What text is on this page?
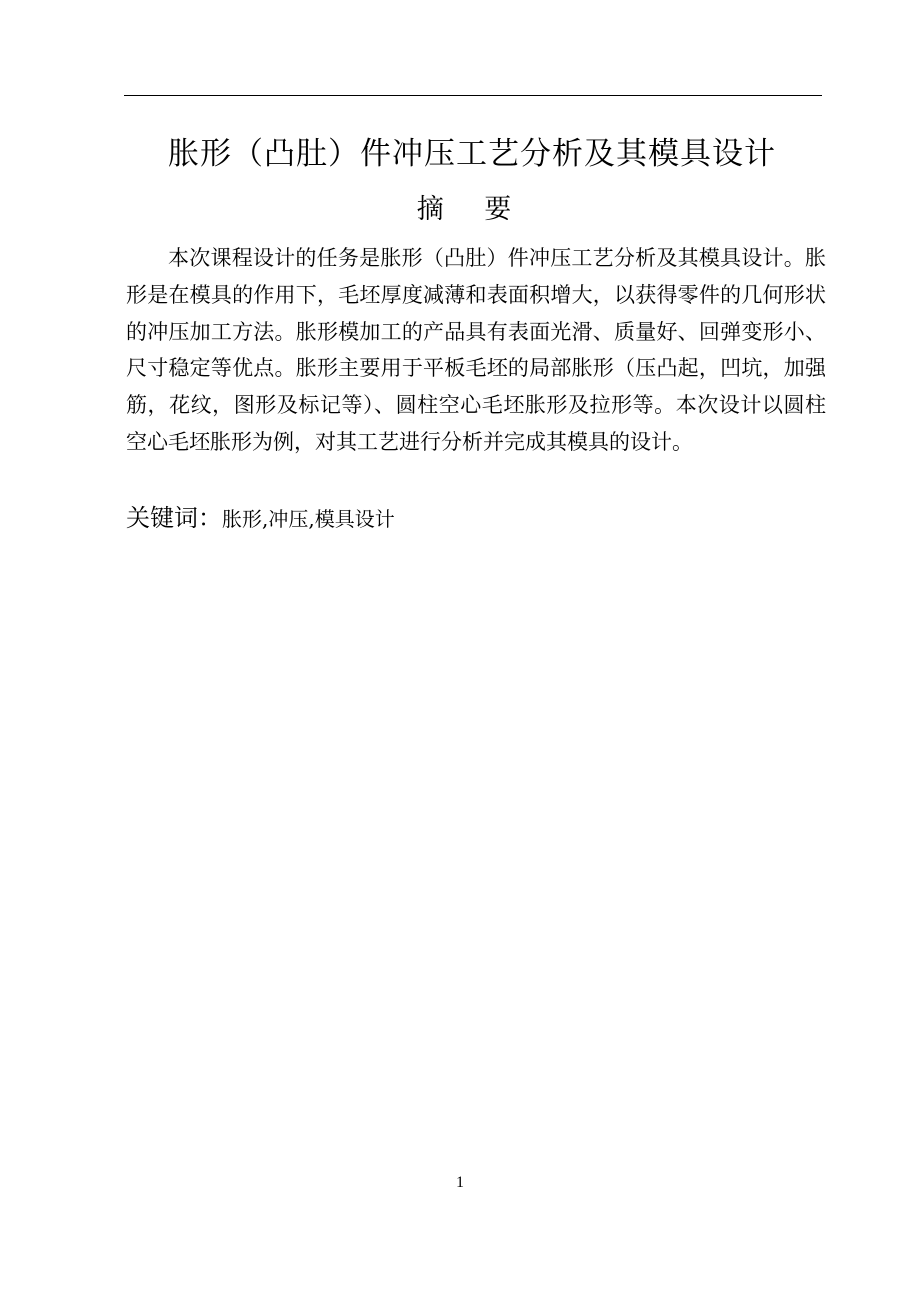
胀形（凸肚）件冲压工艺分析及其模具设计
摘 要

本次课程设计的任务是胀形（凸肚）件冲压工艺分析及其模具设计。胀形是在模具的作用下，毛坯厚度减薄和表面积增大，以获得零件的几何形状的冲压加工方法。胀形模加工的产品具有表面光滑、质量好、回弹变形小、尺寸稳定等优点。胀形主要用于平板毛坯的局部胀形（压凸起，凹坑，加强筋，花纹，图形及标记等）、圆柱空心毛坯胀形及拉形等。本次设计以圆柱空心毛坯胀形为例，对其工艺进行分析并完成其模具的设计。

关键词：胀形,冲压,模具设计

1
